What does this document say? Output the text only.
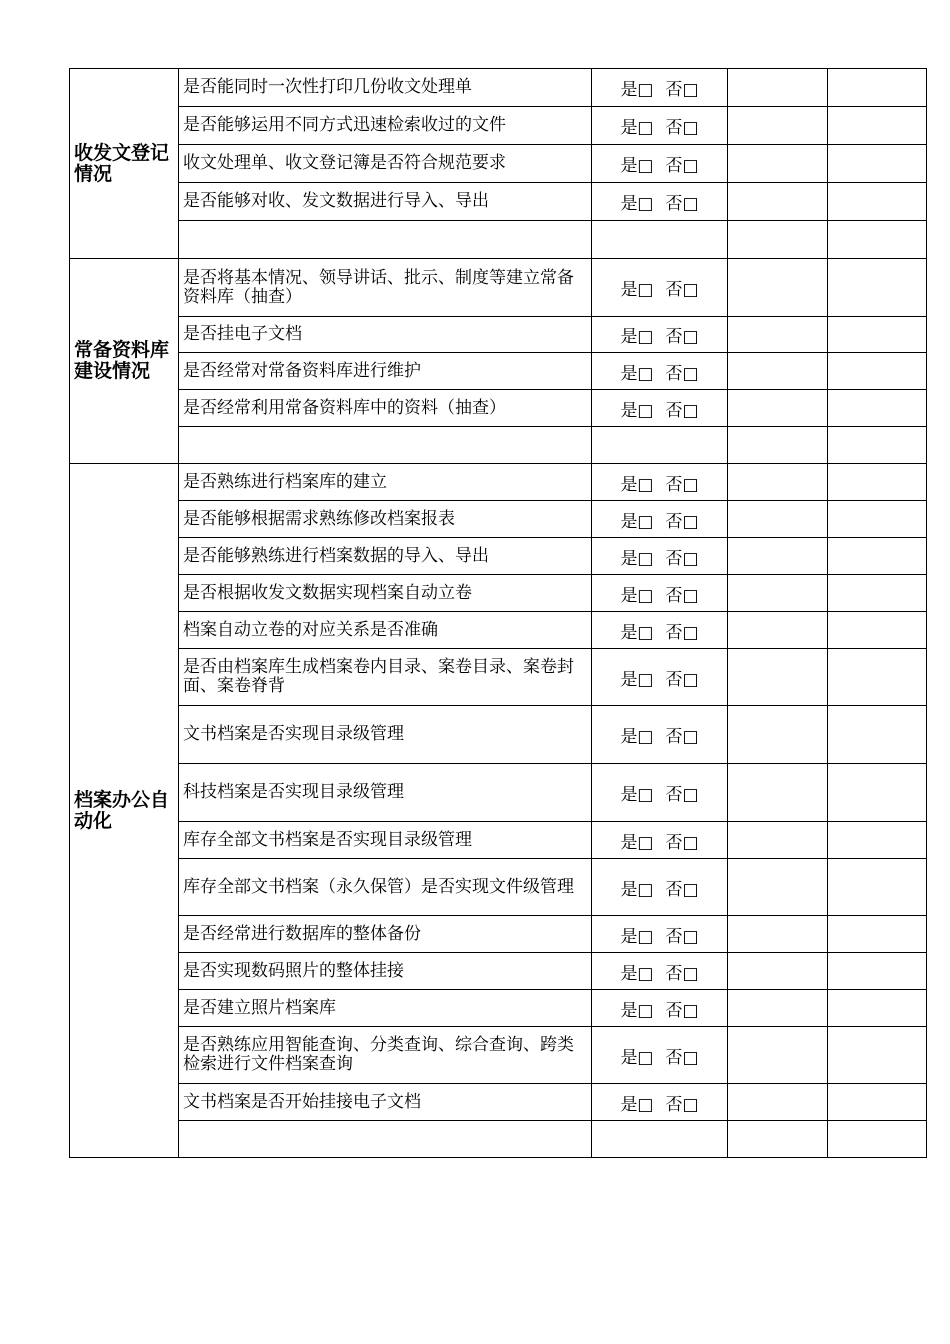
收发文登记情况	是否能同时一次性打印几份收文处理单	是□ 否□		
	是否能够运用不同方式迅速检索收过的文件	是□ 否□		
	收文处理单、收文登记簿是否符合规范要求	是□ 否□		
	是否能够对收、发文数据进行导入、导出	是□ 否□		

常备资料库建设情况	是否将基本情况、领导讲话、批示、制度等建立常备资料库（抽查）	是□ 否□		
	是否挂电子文档	是□ 否□		
	是否经常对常备资料库进行维护	是□ 否□		
	是否经常利用常备资料库中的资料（抽查）	是□ 否□		

档案办公自动化	是否熟练进行档案库的建立	是□ 否□		
	是否能够根据需求熟练修改档案报表	是□ 否□		
	是否能够熟练进行档案数据的导入、导出	是□ 否□		
	是否根据收发文数据实现档案自动立卷	是□ 否□		
	档案自动立卷的对应关系是否准确	是□ 否□		
	是否由档案库生成档案卷内目录、案卷目录、案卷封面、案卷脊背	是□ 否□		
	文书档案是否实现目录级管理	是□ 否□		
	科技档案是否实现目录级管理	是□ 否□		
	库存全部文书档案是否实现目录级管理	是□ 否□		
	库存全部文书档案（永久保管）是否实现文件级管理	是□ 否□		
	是否经常进行数据库的整体备份	是□ 否□		
	是否实现数码照片的整体挂接	是□ 否□		
	是否建立照片档案库	是□ 否□		
	是否熟练应用智能查询、分类查询、综合查询、跨类检索进行文件档案查询	是□ 否□		
	文书档案是否开始挂接电子文档	是□ 否□		
